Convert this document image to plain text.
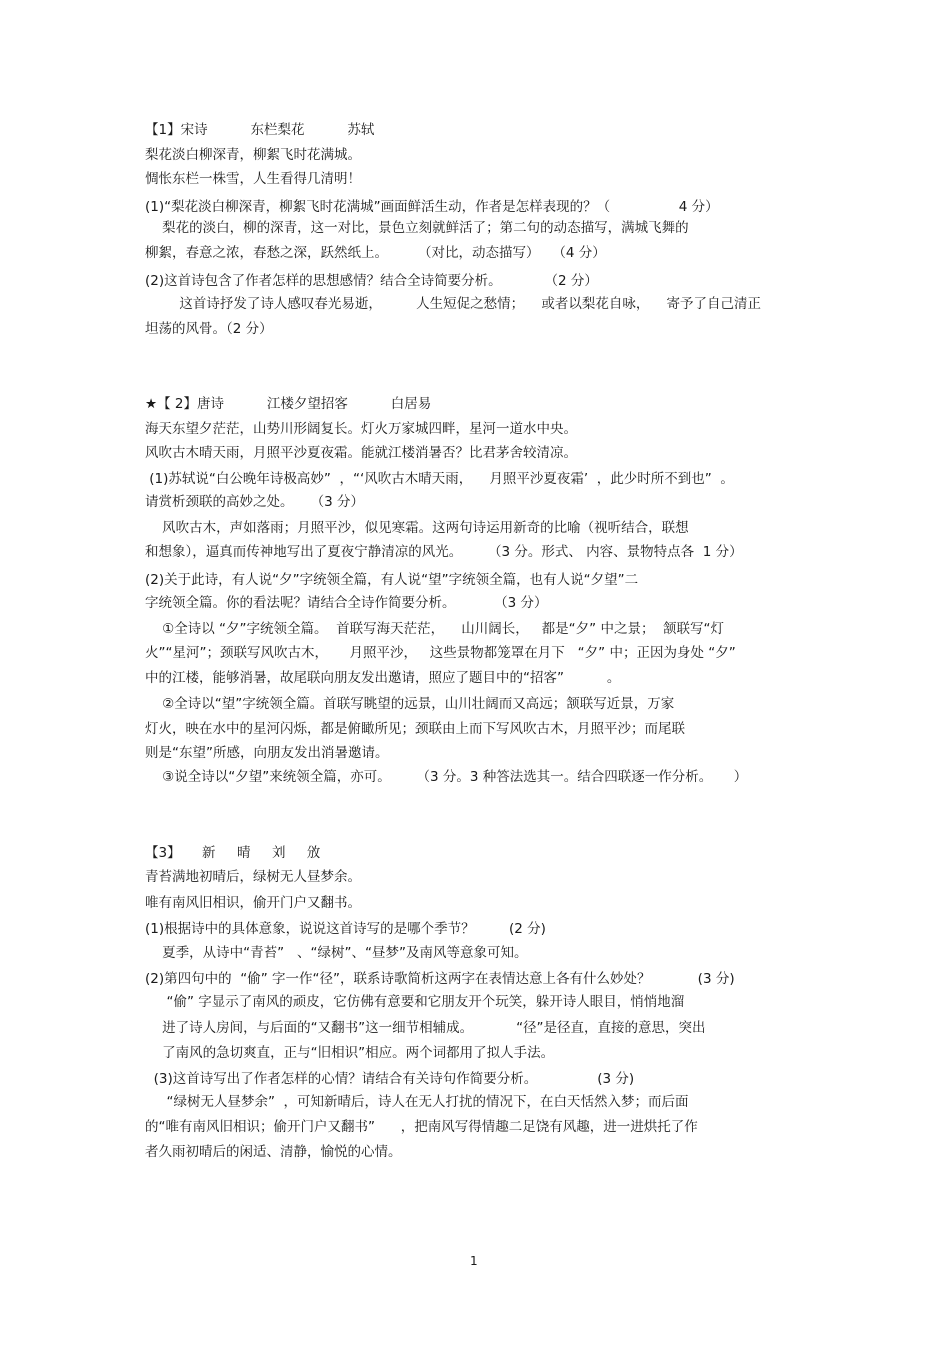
【1】宋诗          东栏梨花          苏轼

梨花淡白柳深青，柳絮飞时花满城。

惆怅东栏一株雪，人生看得几清明！

(1)“梨花淡白柳深青，柳絮飞时花满城”画面鲜活生动，作者是怎样表现的？（                4 分）

梨花的淡白，柳的深青，这一对比，景色立刻就鲜活了；第二句的动态描写，满城飞舞的

柳絮，春意之浓，春愁之深，跃然纸上。       （对比，动态描写）   （4 分）

(2)这首诗包含了作者怎样的思想感情？结合全诗简要分析。          （2 分）

这首诗抒发了诗人感叹春光易逝，        人生短促之愁情；    或者以梨花自咏，    寄予了自己清正

坦荡的风骨。（2 分）

★【 2】唐诗          江楼夕望招客          白居易

海天东望夕茫茫，山势川形阔复长。灯火万家城四畔，星河一道水中央。

风吹古木晴天雨，月照平沙夏夜霜。能就江楼消暑否？比君茅舍较清凉。

(1)苏轼说“白公晚年诗极高妙”  ，“‘风吹古木晴天雨，    月照平沙夏夜霜’  ，此少时所不到也”  。

请赏析颈联的高妙之处。    （3 分）

风吹古木，声如落雨；月照平沙，似见寒霜。这两句诗运用新奇的比喻（视听结合，联想

和想象），逼真而传神地写出了夏夜宁静清凉的风光。      （3 分。形式、 内容、景物特点各  1 分）

(2)关于此诗，有人说“夕”字统领全篇，有人说“望”字统领全篇，也有人说“夕望”二

字统领全篇。你的看法呢？请结合全诗作简要分析。         （3 分）

①全诗以 “夕”字统领全篇。  首联写海天茫茫，    山川阔长，   都是“夕” 中之景；  颔联写“灯

火”“星河”；颈联写风吹古木，     月照平沙，   这些景物都笼罩在月下   “夕” 中；正因为身处 “夕”

中的江楼，能够消暑，故尾联向朋友发出邀请，照应了题目中的“招客”          。

②全诗以“望”字统领全篇。首联写眺望的远景，山川壮阔而又高远；颔联写近景，万家

灯火，映在水中的星河闪烁，都是俯瞰所见；颈联由上而下写风吹古木，月照平沙；而尾联

则是“东望”所感，向朋友发出消暑邀请。

③说全诗以“夕望”来统领全篇，亦可。      （3 分。3 种答法选其一。结合四联逐一作分析。     ）

【3】     新     晴     刘     攽

青苔满地初晴后，绿树无人昼梦余。

唯有南风旧相识，偷开门户又翻书。

(1)根据诗中的具体意象，说说这首诗写的是哪个季节？        (2 分)

夏季，从诗中“青苔”   、“绿树”、“昼梦”及南风等意象可知。

(2)第四句中的  “偷” 字一作“径”，联系诗歌简析这两字在表情达意上各有什么妙处？           (3 分)

“偷” 字显示了南风的顽皮，它仿佛有意要和它朋友开个玩笑，躲开诗人眼目，悄悄地溜

进了诗人房间，与后面的“又翻书”这一细节相辅成。          “径”是径直，直接的意思，突出

了南风的急切爽直，正与“旧相识”相应。两个词都用了拟人手法。

(3)这首诗写出了作者怎样的心情？请结合有关诗句作简要分析。              (3 分)

“绿树无人昼梦余”  ，可知新晴后，诗人在无人打扰的情况下，在白天恬然入梦；而后面

的“唯有南风旧相识；偷开门户又翻书”      ，把南风写得情趣二足饶有风趣，进一进烘托了作

者久雨初晴后的闲适、清静，愉悦的心情。

1
